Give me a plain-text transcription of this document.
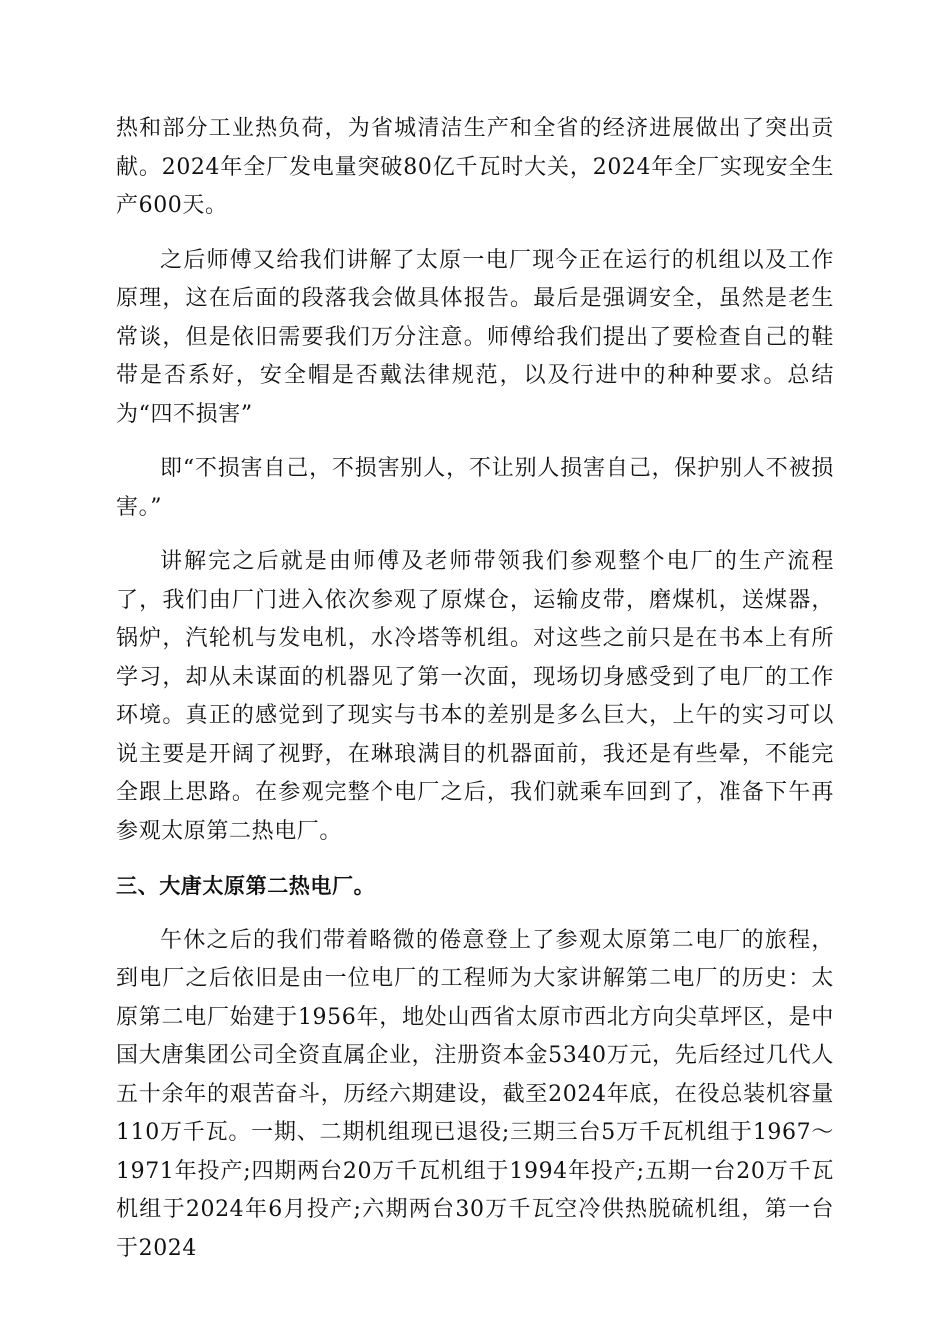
热和部分工业热负荷，为省城清洁生产和全省的经济进展做出了突出贡献。2024年全厂发电量突破80亿千瓦时大关，2024年全厂实现安全生产600天。

之后师傅又给我们讲解了太原一电厂现今正在运行的机组以及工作原理，这在后面的段落我会做具体报告。最后是强调安全，虽然是老生常谈，但是依旧需要我们万分注意。师傅给我们提出了要检查自己的鞋带是否系好，安全帽是否戴法律规范，以及行进中的种种要求。总结为“四不损害”

即“不损害自己，不损害别人，不让别人损害自己，保护别人不被损害。”

讲解完之后就是由师傅及老师带领我们参观整个电厂的生产流程了，我们由厂门进入依次参观了原煤仓，运输皮带，磨煤机，送煤器，锅炉，汽轮机与发电机，水冷塔等机组。对这些之前只是在书本上有所学习，却从未谋面的机器见了第一次面，现场切身感受到了电厂的工作环境。真正的感觉到了现实与书本的差别是多么巨大，上午的实习可以说主要是开阔了视野，在琳琅满目的机器面前，我还是有些晕，不能完全跟上思路。在参观完整个电厂之后，我们就乘车回到了，准备下午再参观太原第二热电厂。

三、大唐太原第二热电厂。

午休之后的我们带着略微的倦意登上了参观太原第二电厂的旅程，到电厂之后依旧是由一位电厂的工程师为大家讲解第二电厂的历史：太原第二电厂始建于1956年，地处山西省太原市西北方向尖草坪区，是中国大唐集团公司全资直属企业，注册资本金5340万元，先后经过几代人五十余年的艰苦奋斗，历经六期建设，截至2024年底，在役总装机容量110万千瓦。一期、二期机组现已退役;三期三台5万千瓦机组于1967～1971年投产;四期两台20万千瓦机组于1994年投产;五期一台20万千瓦机组于2024年6月投产;六期两台30万千瓦空冷供热脱硫机组，第一台于2024
